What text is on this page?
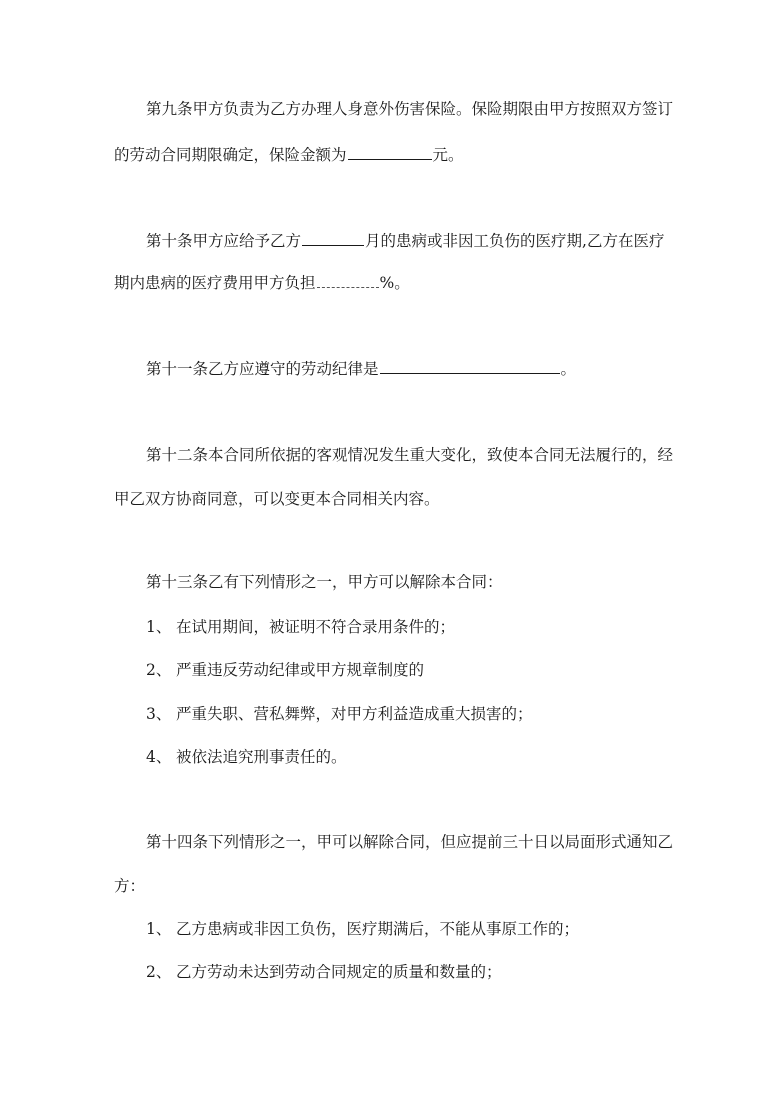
第九条甲方负责为乙方办理人身意外伤害保险。保险期限由甲方按照双方签订
的劳动合同期限确定，保险金额为	元。
第十条甲方应给予乙方	月的患病或非因工负伤的医疗期,乙方在医疗
期内患病的医疗费用甲方负担	%。
第十一条乙方应遵守的劳动纪律是	。
第十二条本合同所依据的客观情况发生重大变化，致使本合同无法履行的，经
甲乙双方协商同意，可以变更本合同相关内容。
第十三条乙有下列情形之一，甲方可以解除本合同：
1、 在试用期间，被证明不符合录用条件的；
2、 严重违反劳动纪律或甲方规章制度的
3、 严重失职、营私舞弊，对甲方利益造成重大损害的；
4、 被依法追究刑事责任的。
第十四条下列情形之一，甲可以解除合同，但应提前三十日以局面形式通知乙
方：
1、 乙方患病或非因工负伤，医疗期满后，不能从事原工作的；
2、 乙方劳动未达到劳动合同规定的质量和数量的；
